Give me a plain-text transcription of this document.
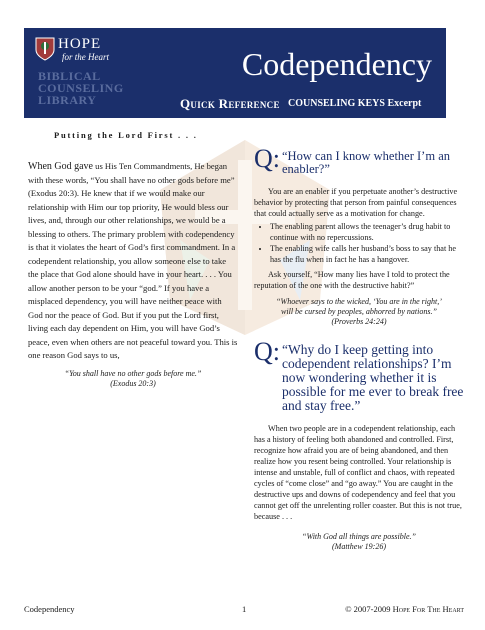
HOPE
for the Heart
BIBLICAL
COUNSELING
LIBRARY
Codependency
Quick Reference COUNSELING KEYS Excerpt
Putting the Lord First . . .
When God gave us His Ten Commandments, He began with these words, “You shall have no other gods before me” (Exodus 20:3). He knew that if we would make our relationship with Him our top priority, He would bless our lives, and, through our other relationships, we would be a blessing to others. The primary problem with codependency is that it violates the heart of God’s first commandment. In a codependent relationship, you allow someone else to take the place that God alone should have in your heart. . . . You allow another person to be your “god.” If you have a misplaced dependency, you will have neither peace with God nor the peace of God. But if you put the Lord first, living each day dependent on Him, you will have God’s peace, even when others are not peaceful toward you. This is one reason God says to us,
“You shall have no other gods before me.”
(Exodus 20:3)
Q: “How can I know whether I’m an enabler?”
You are an enabler if you perpetuate another’s destructive behavior by protecting that person from painful consequences that could actually serve as a motivation for change.
• The enabling parent allows the teenager’s drug habit to continue with no repercussions.
• The enabling wife calls her husband’s boss to say that he has the flu when in fact he has a hangover.
Ask yourself, “How many lies have I told to protect the reputation of the one with the destructive habit?”
“Whoever says to the wicked, ‘You are in the right,’
will be cursed by peoples, abhorred by nations.”
(Proverbs 24:24)
Q: “Why do I keep getting into codependent relationships? I’m now wondering whether it is possible for me ever to break free and stay free.”
When two people are in a codependent relationship, each has a history of feeling both abandoned and controlled. First, recognize how afraid you are of being abandoned, and then realize how you resent being controlled. Your relationship is intense and unstable, full of conflict and chaos, with repeated cycles of “come close” and “go away.” You are caught in the destructive ups and downs of codependency and feel that you cannot get off the unrelenting roller coaster. But this is not true, because . . .
“With God all things are possible.”
(Matthew 19:26)
Codependency	1	© 2007-2009 Hope For The Heart
